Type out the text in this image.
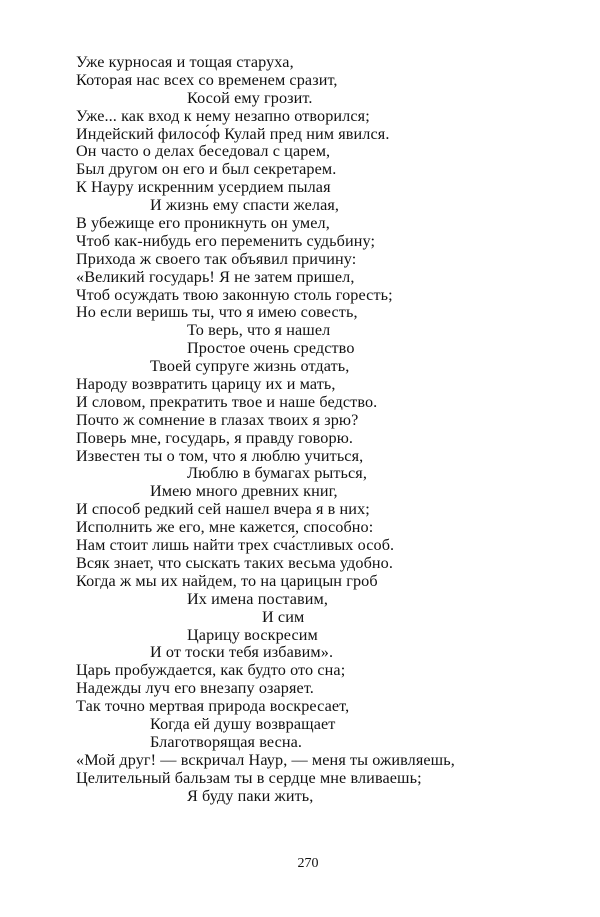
Уже курносая и тощая старуха,
Которая нас всех со временем сразит,
Косой ему грозит.
Уже... как вход к нему незапно отворился;
Индейский филосо́ф Кулай пред ним явился.
Он часто о делах беседовал с царем,
Был другом он его и был секретарем.
К Науру искренним усердием пылая
И жизнь ему спасти желая,
В убежище его проникнуть он умел,
Чтоб как-нибудь его переменить судьбину;
Прихода ж своего так объявил причину:
«Великий государь! Я не затем пришел,
Чтоб осуждать твою законную столь горесть;
Но если веришь ты, что я имею совесть,
То верь, что я нашел
Простое очень средство
Твоей супруге жизнь отдать,
Народу возвратить царицу их и мать,
И словом, прекратить твое и наше бедство.
Почто ж сомнение в глазах твоих я зрю?
Поверь мне, государь, я правду говорю.
Известен ты о том, что я люблю учиться,
Люблю в бумагах рыться,
Имею много древних книг,
И способ редкий сей нашел вчера я в них;
Исполнить же его, мне кажется, способно:
Нам стоит лишь найти трех сча́стливых особ.
Всяк знает, что сыскать таких весьма удобно.
Когда ж мы их найдем, то на царицын гроб
Их имена поставим,
И сим
Царицу воскресим
И от тоски тебя избавим».
Царь пробуждается, как будто ото сна;
Надежды луч его внезапу озаряет.
Так точно мертвая природа воскресает,
Когда ей душу возвращает
Благотворящая весна.
«Мой друг! — вскричал Наур, — меня ты оживляешь,
Целительный бальзам ты в сердце мне вливаешь;
Я буду паки жить,
270
